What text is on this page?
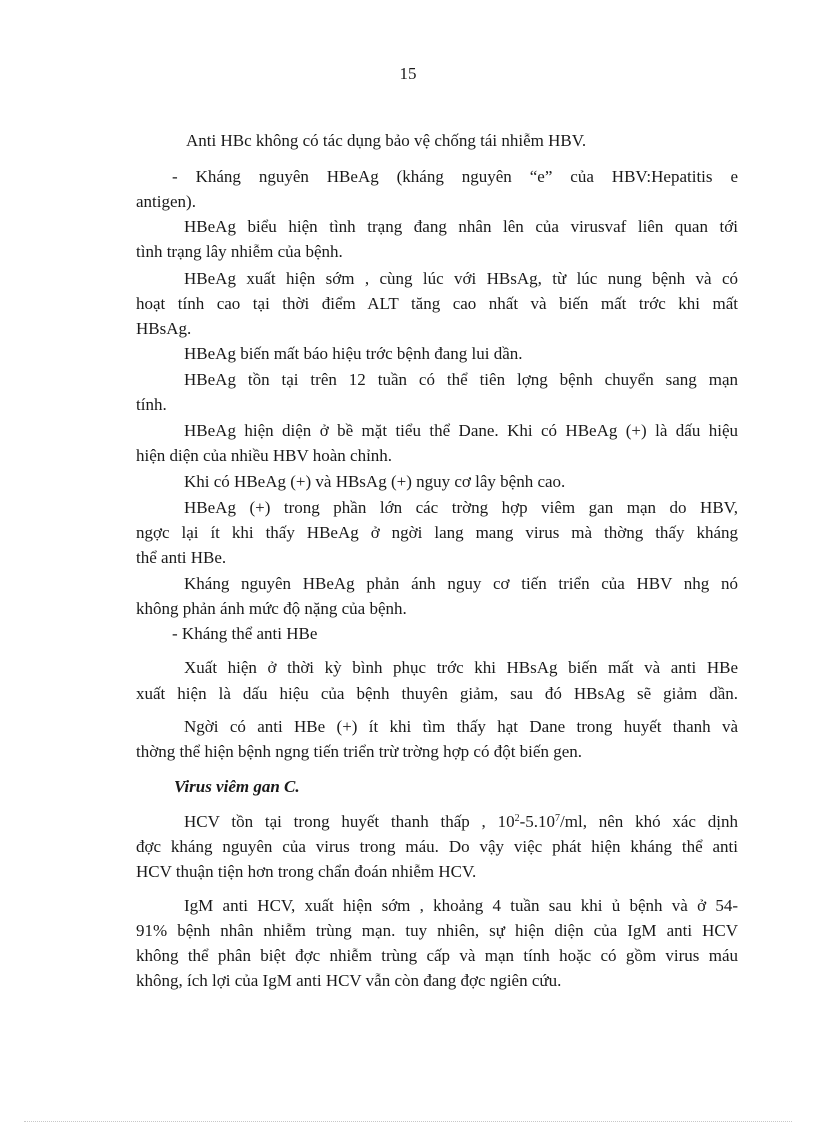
15
Anti HBc không có tác dụng bảo vệ chống tái nhiễm HBV.
- Kháng nguyên HBeAg (kháng nguyên “e” của HBV:Hepatitis e
antigen).
HBeAg biểu hiện tình trạng đang nhân lên của virusvaf liên quan tới
tình trạng lây nhiễm của bệnh.
HBeAg xuất hiện sớm , cùng lúc với HBsAg, từ lúc nung bệnh và có
hoạt tính cao tại thời điểm ALT tăng cao nhất và biến mất trớc khi mất
HBsAg.
HBeAg biến mất báo hiệu trớc bệnh đang lui dần.
HBeAg tồn tại trên 12 tuần có thể tiên lợng bệnh chuyển sang mạn
tính.
HBeAg hiện diện ở bề mặt tiểu thể Dane. Khi có HBeAg (+) là dấu hiệu
hiện diện của nhiều HBV hoàn chỉnh.
Khi có HBeAg (+) và HBsAg (+) nguy cơ lây bệnh cao.
HBeAg (+) trong phần lớn các trờng hợp viêm gan mạn do HBV,
ngợc lại ít khi thấy HBeAg ở ngời lang mang virus mà thờng thấy kháng
thể anti HBe.
Kháng nguyên HBeAg phản ánh nguy cơ tiến triển của HBV nhg nó
không phản ánh mức độ nặng của bệnh.
- Kháng thể anti HBe
Xuất hiện ở thời kỳ bình phục trớc khi HBsAg biến mất và anti HBe
xuất hiện là dấu hiệu của bệnh thuyên giảm, sau đó HBsAg sẽ giảm dần.
Ngời có anti HBe (+) ít khi tìm thấy hạt Dane trong huyết thanh và
thờng thể hiện bệnh ngng tiến triển trừ trờng hợp có đột biến gen.
Virus viêm gan C.
HCV tồn tại trong huyết thanh thấp , $10^2-5.10^7/ml$, nên khó xác dịnh
đợc kháng nguyên của virus trong máu. Do vậy việc phát hiện kháng thể anti
HCV thuận tiện hơn trong chẩn đoán nhiễm HCV.
IgM anti HCV, xuất hiện sớm , khoảng 4 tuần sau khi ủ bệnh và ở 54-
91% bệnh nhân nhiễm trùng mạn. tuy nhiên, sự hiện diện của IgM anti HCV
không thể phân biệt đợc nhiễm trùng cấp và mạn tính hoặc có gồm virus máu
không, ích lợi của IgM anti HCV vẫn còn đang đợc ngiên cứu.
